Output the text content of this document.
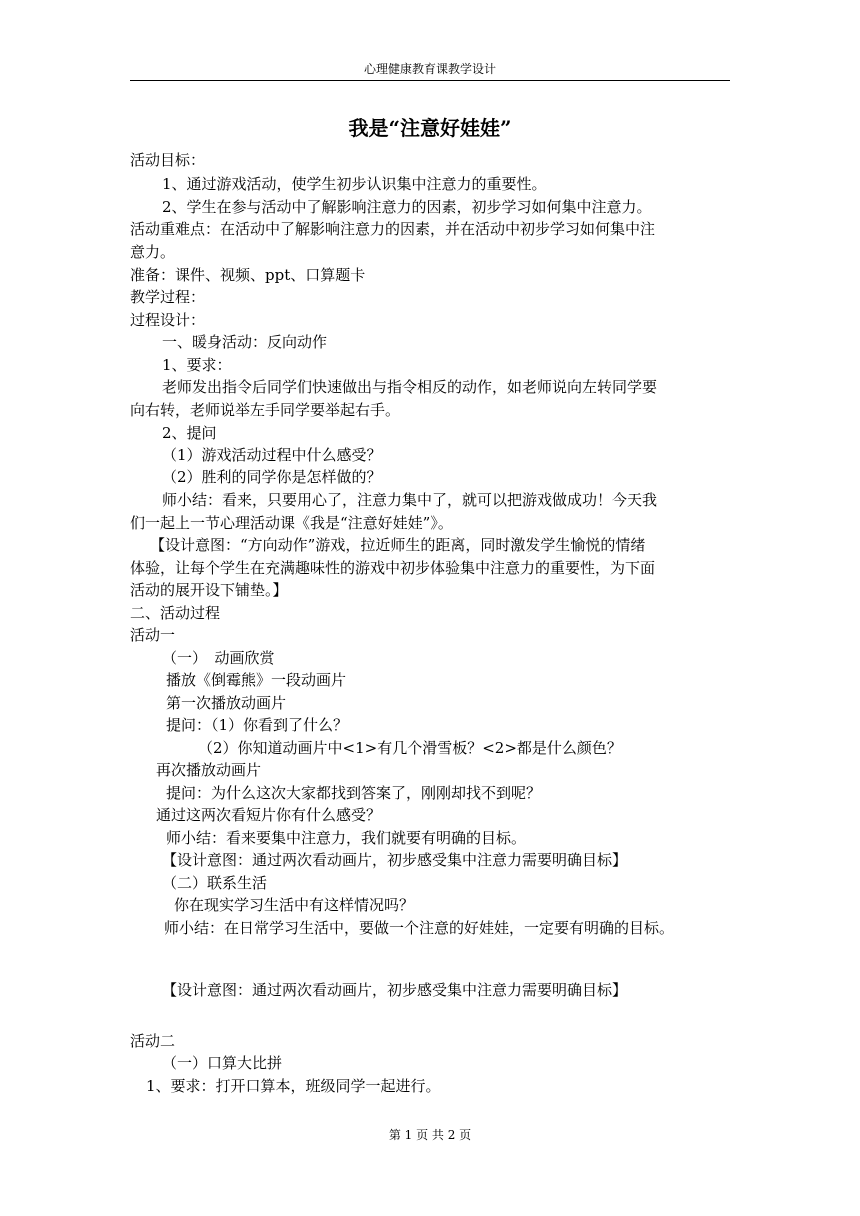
心理健康教育课教学设计
我是“注意好娃娃”
活动目标：
1、通过游戏活动，使学生初步认识集中注意力的重要性。
2、学生在参与活动中了解影响注意力的因素，初步学习如何集中注意力。
活动重难点：在活动中了解影响注意力的因素，并在活动中初步学习如何集中注
意力。
准备：课件、视频、ppt、口算题卡
教学过程：
过程设计：
一、暖身活动：反向动作
1、要求：
老师发出指令后同学们快速做出与指令相反的动作，如老师说向左转同学要
向右转，老师说举左手同学要举起右手。
2、提问
（1）游戏活动过程中什么感受？
（2）胜利的同学你是怎样做的？
师小结：看来，只要用心了，注意力集中了，就可以把游戏做成功！今天我
们一起上一节心理活动课《我是“注意好娃娃”》。
【设计意图：“方向动作”游戏，拉近师生的距离，同时激发学生愉悦的情绪
体验，让每个学生在充满趣味性的游戏中初步体验集中注意力的重要性，为下面
活动的展开设下铺垫。】
二、活动过程
活动一
（一）　动画欣赏
播放《倒霉熊》一段动画片
第一次播放动画片
提问：（1）你看到了什么？
（2）你知道动画片中<1>有几个滑雪板？<2>都是什么颜色？
再次播放动画片
提问：为什么这次大家都找到答案了，刚刚却找不到呢？
通过这两次看短片你有什么感受？
师小结：看来要集中注意力，我们就要有明确的目标。
【设计意图：通过两次看动画片，初步感受集中注意力需要明确目标】
（二）联系生活
你在现实学习生活中有这样情况吗？
师小结：在日常学习生活中，要做一个注意的好娃娃，一定要有明确的目标。
【设计意图：通过两次看动画片，初步感受集中注意力需要明确目标】
活动二
（一）口算大比拼
1、要求：打开口算本，班级同学一起进行。
第 1 页 共 2 页
